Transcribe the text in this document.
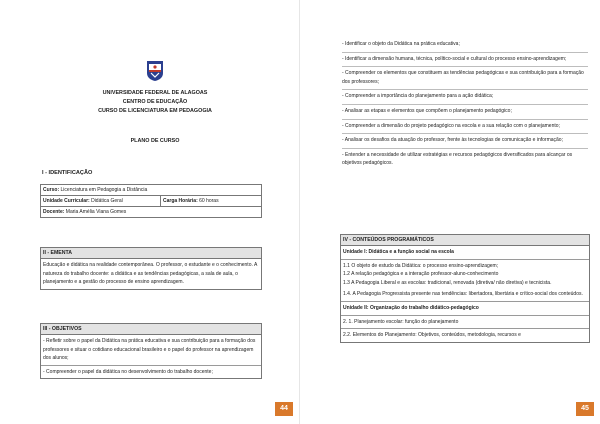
UNIVERSIDADE FEDERAL DE ALAGOAS
CENTRO DE EDUCAÇÃO
CURSO DE LICENCIATURA EM PEDAGOGIA
PLANO DE CURSO
I - IDENTIFICAÇÃO
Curso: Licenciatura em Pedagogia a Distância
Unidade Curricular: Didática Geral	Carga Horária: 60 horas
Docente: Maria Amélia Viana Gomes
II - EMENTA
Educação e didática na realidade contemporânea. O professor, o estudante e o conhecimento. A natureza do trabalho docente: a didática e as tendências pedagógicas, a sala de aula, o planejamento e a gestão do processo de ensino aprendizagem.
III - OBJETIVOS
- Refletir sobre o papel da Didática na prática educativa e sua contribuição para a formação dos professores e situar o cotidiano educacional brasileiro e o papel do professor na aprendizagem dos alunos;
- Compreender o papel da didática no desenvolvimento do trabalho docente;
44

- Identificar o objeto da Didática na prática educativa;

- Identificar a dimensão humana, técnica, político-social e cultural do processo ensino-aprendizagem;

- Compreender os elementos que constituem as tendências pedagógicas e sua contribuição para a formação dos professores;

- Compreender a importância do planejamento para a ação didática;

- Analisar as etapas e elementos que compõem o planejamento pedagógico;

- Compreender a dimensão do projeto pedagógico na escola e a sua relação com o planejamento;

- Analisar os desafios da atuação do professor, frente às tecnologias de comunicação e informação;

- Entender a necessidade de utilizar estratégias e recursos pedagógicos diversificados para alcançar os objetivos pedagógicos.

IV - CONTEÚDOS PROGRAMÁTICOS
Unidade I: Didática e a função social na escola
1.1 O objeto de estudo da Didática: o processo ensino-aprendizagem;
1.2 A relação pedagógica e a interação professor-aluno-conhecimento
1.3 A Pedagogia Liberal e as escolas: tradicional, renovada (diretiva/ não diretiva) e tecnicista.
1.4. A Pedagogia Progressista presente nas tendências: libertadora, libertária e crítico-social dos conteúdos.
Unidade II: Organização do trabalho didático-pedagógico
2. 1. Planejamento escolar: função do planejamento
2.2. Elementos do Planejamento: Objetivos, conteúdos, metodologia, recursos e
45
